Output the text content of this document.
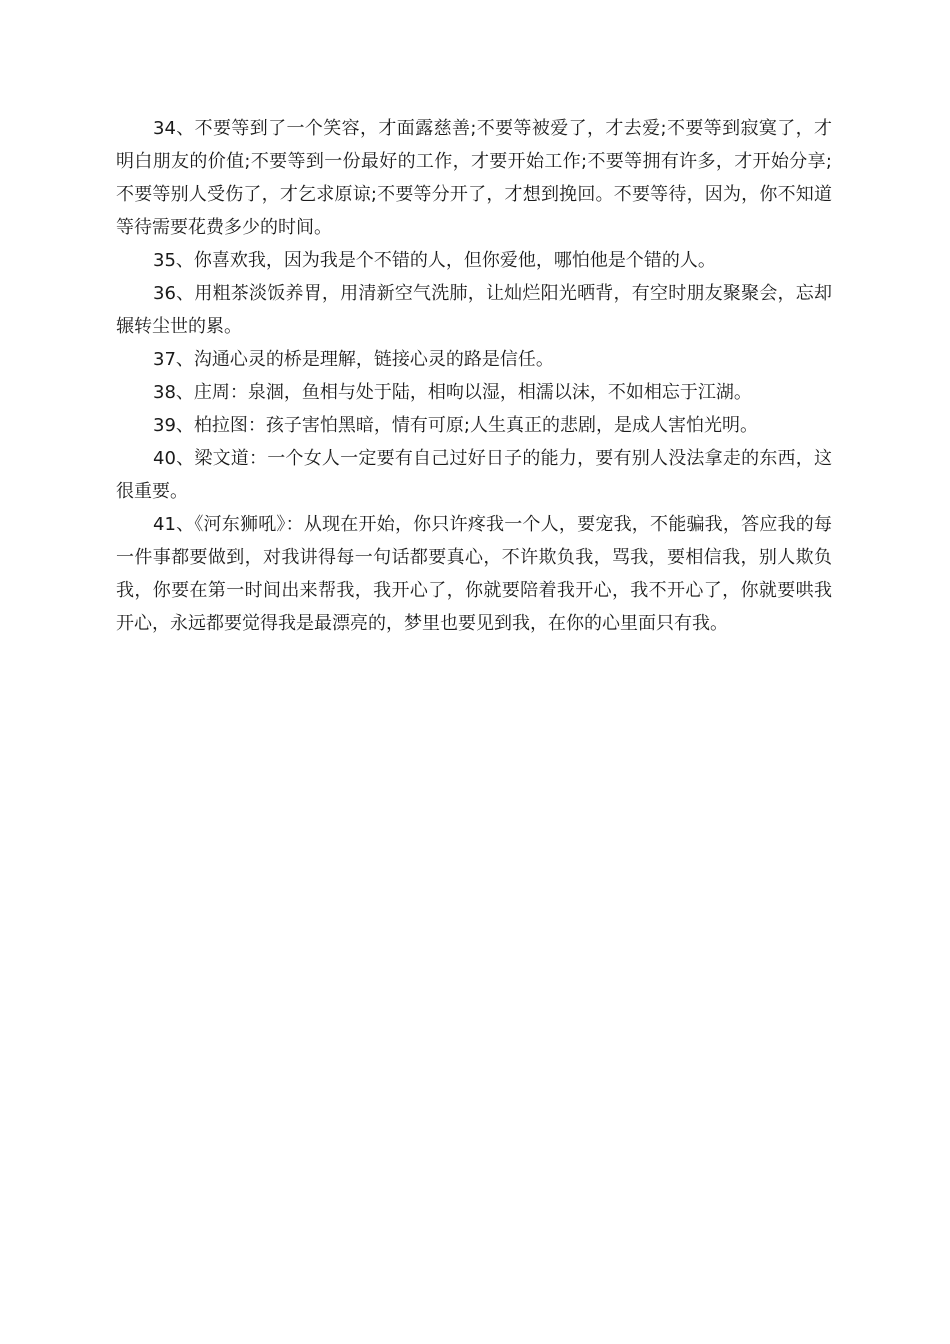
34、不要等到了一个笑容，才面露慈善;不要等被爱了，才去爱;不要等到寂寞了，才明白朋友的价值;不要等到一份最好的工作，才要开始工作;不要等拥有许多，才开始分享;不要等别人受伤了，才乞求原谅;不要等分开了，才想到挽回。不要等待，因为，你不知道等待需要花费多少的时间。

35、你喜欢我，因为我是个不错的人，但你爱他，哪怕他是个错的人。

36、用粗茶淡饭养胃，用清新空气洗肺，让灿烂阳光晒背，有空时朋友聚聚会，忘却辗转尘世的累。

37、沟通心灵的桥是理解，链接心灵的路是信任。

38、庄周：泉涸，鱼相与处于陆，相呴以湿，相濡以沫，不如相忘于江湖。

39、柏拉图：孩子害怕黑暗，情有可原;人生真正的悲剧，是成人害怕光明。

40、梁文道：一个女人一定要有自己过好日子的能力，要有别人没法拿走的东西，这很重要。

41、《河东狮吼》：从现在开始，你只许疼我一个人，要宠我，不能骗我，答应我的每一件事都要做到，对我讲得每一句话都要真心，不许欺负我，骂我，要相信我，别人欺负我，你要在第一时间出来帮我，我开心了，你就要陪着我开心，我不开心了，你就要哄我开心，永远都要觉得我是最漂亮的，梦里也要见到我，在你的心里面只有我。
